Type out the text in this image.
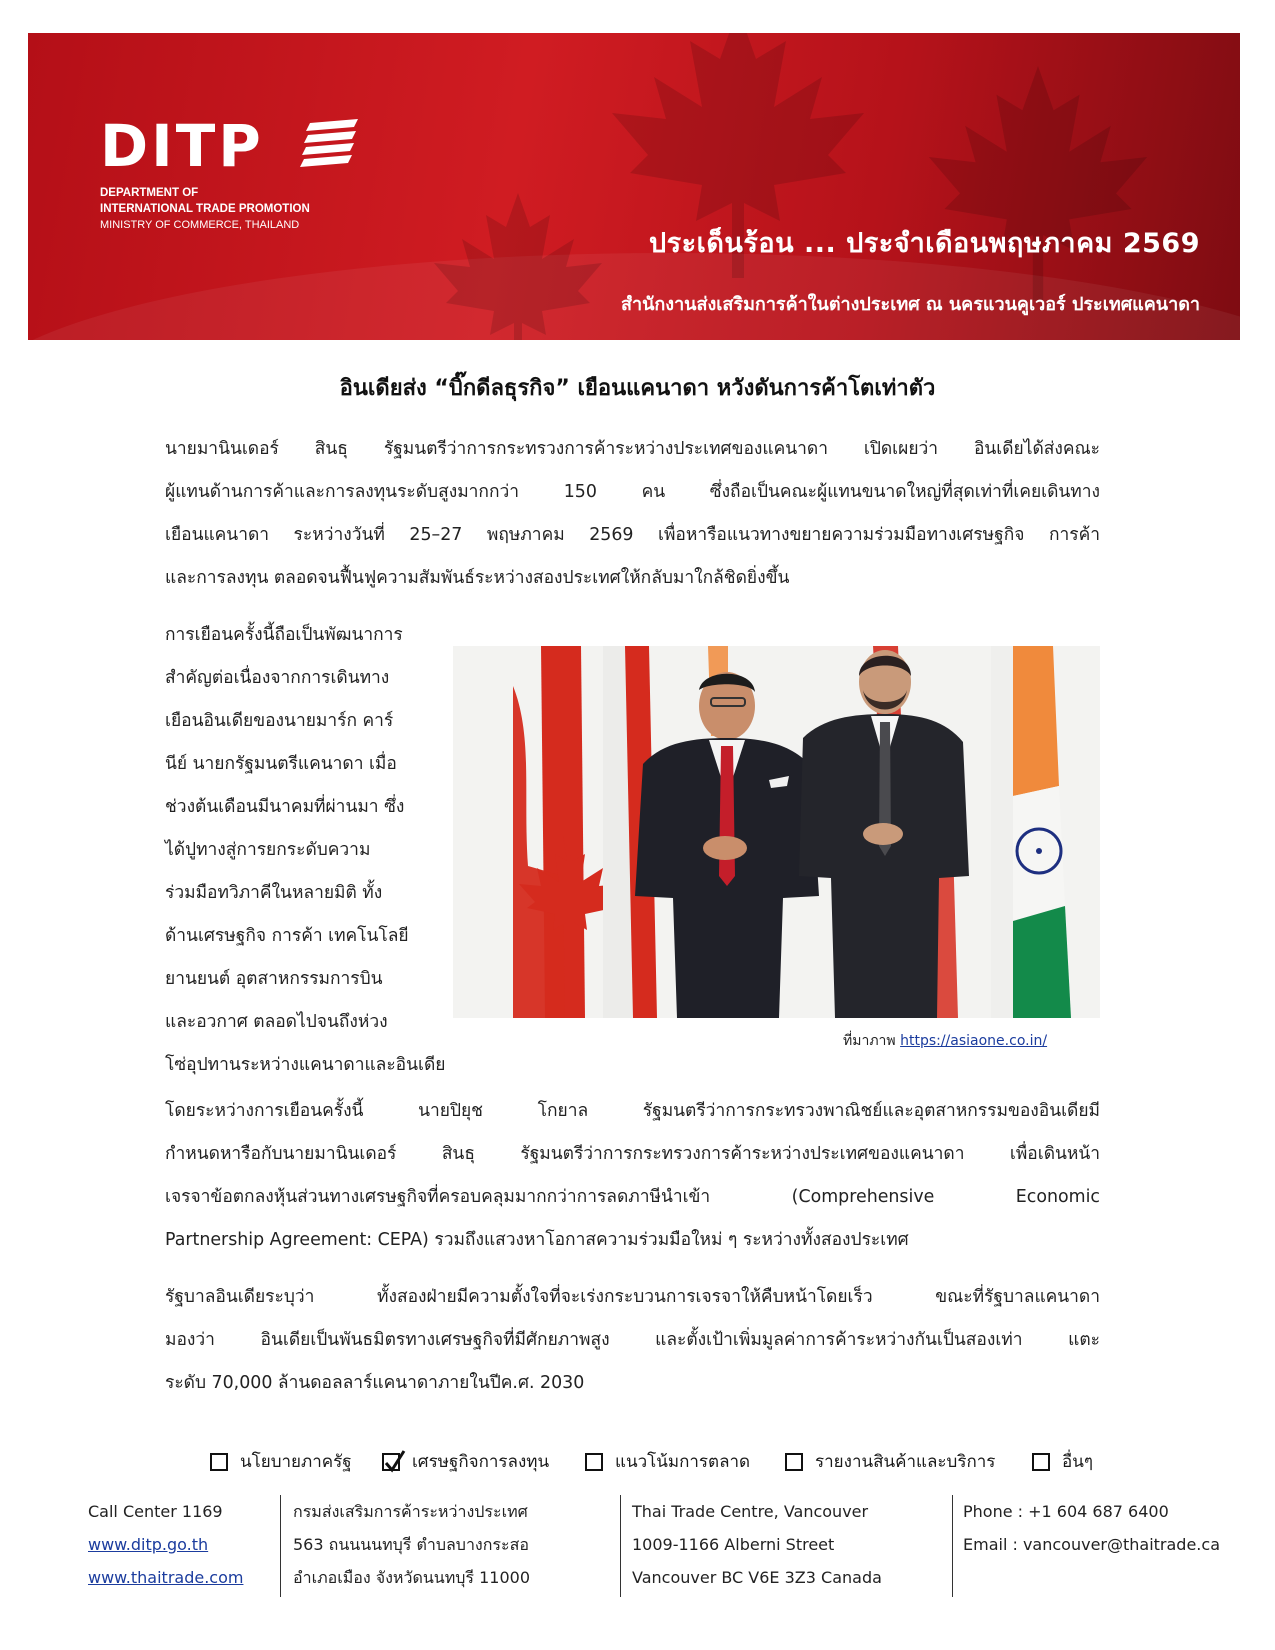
DITP
DEPARTMENT OF
INTERNATIONAL TRADE PROMOTION
MINISTRY OF COMMERCE, THAILAND
ประเด็นร้อน ... ประจำเดือนพฤษภาคม 2569
สำนักงานส่งเสริมการค้าในต่างประเทศ ณ นครแวนคูเวอร์ ประเทศแคนาดา
อินเดียส่ง “บิ๊กดีลธุรกิจ” เยือนแคนาดา หวังดันการค้าโตเท่าตัว

นายมานินเดอร์ สินธุ รัฐมนตรีว่าการกระทรวงการค้าระหว่างประเทศของแคนาดา เปิดเผยว่า อินเดียได้ส่งคณะ
ผู้แทนด้านการค้าและการลงทุนระดับสูงมากกว่า 150 คน ซึ่งถือเป็นคณะผู้แทนขนาดใหญ่ที่สุดเท่าที่เคยเดินทาง
เยือนแคนาดา ระหว่างวันที่ 25–27 พฤษภาคม 2569 เพื่อหารือแนวทางขยายความร่วมมือทางเศรษฐกิจ การค้า
และการลงทุน ตลอดจนฟื้นฟูความสัมพันธ์ระหว่างสองประเทศให้กลับมาใกล้ชิดยิ่งขึ้น

การเยือนครั้งนี้ถือเป็นพัฒนาการ
สำคัญต่อเนื่องจากการเดินทาง
เยือนอินเดียของนายมาร์ก คาร์
นีย์ นายกรัฐมนตรีแคนาดา เมื่อ
ช่วงต้นเดือนมีนาคมที่ผ่านมา ซึ่ง
ได้ปูทางสู่การยกระดับความ
ร่วมมือทวิภาคีในหลายมิติ ทั้ง
ด้านเศรษฐกิจ การค้า เทคโนโลยี
ยานยนต์ อุตสาหกรรมการบิน
และอวกาศ ตลอดไปจนถึงห่วง
โซ่อุปทานระหว่างแคนาดาและอินเดีย

ที่มาภาพ https://asiaone.co.in/

โดยระหว่างการเยือนครั้งนี้ นายปิยุช โกยาล รัฐมนตรีว่าการกระทรวงพาณิชย์และอุตสาหกรรมของอินเดียมี
กำหนดหารือกับนายมานินเดอร์ สินธุ รัฐมนตรีว่าการกระทรวงการค้าระหว่างประเทศของแคนาดา เพื่อเดินหน้า
เจรจาข้อตกลงหุ้นส่วนทางเศรษฐกิจที่ครอบคลุมมากกว่าการลดภาษีนำเข้า (Comprehensive Economic
Partnership Agreement: CEPA) รวมถึงแสวงหาโอกาสความร่วมมือใหม่ ๆ ระหว่างทั้งสองประเทศ

รัฐบาลอินเดียระบุว่า ทั้งสองฝ่ายมีความตั้งใจที่จะเร่งกระบวนการเจรจาให้คืบหน้าโดยเร็ว ขณะที่รัฐบาลแคนาดา
มองว่า อินเดียเป็นพันธมิตรทางเศรษฐกิจที่มีศักยภาพสูง และตั้งเป้าเพิ่มมูลค่าการค้าระหว่างกันเป็นสองเท่า แตะ
ระดับ 70,000 ล้านดอลลาร์แคนาดาภายในปีค.ศ. 2030

นโยบายภาครัฐ	เศรษฐกิจการลงทุน	แนวโน้มการตลาด	รายงานสินค้าและบริการ	อื่นๆ
Call Center 1169
www.ditp.go.th
www.thaitrade.com
กรมส่งเสริมการค้าระหว่างประเทศ
563 ถนนนนทบุรี ตำบลบางกระสอ
อำเภอเมือง จังหวัดนนทบุรี 11000
Thai Trade Centre, Vancouver
1009-1166 Alberni Street
Vancouver BC V6E 3Z3 Canada
Phone : +1 604 687 6400
Email : vancouver@thaitrade.ca
